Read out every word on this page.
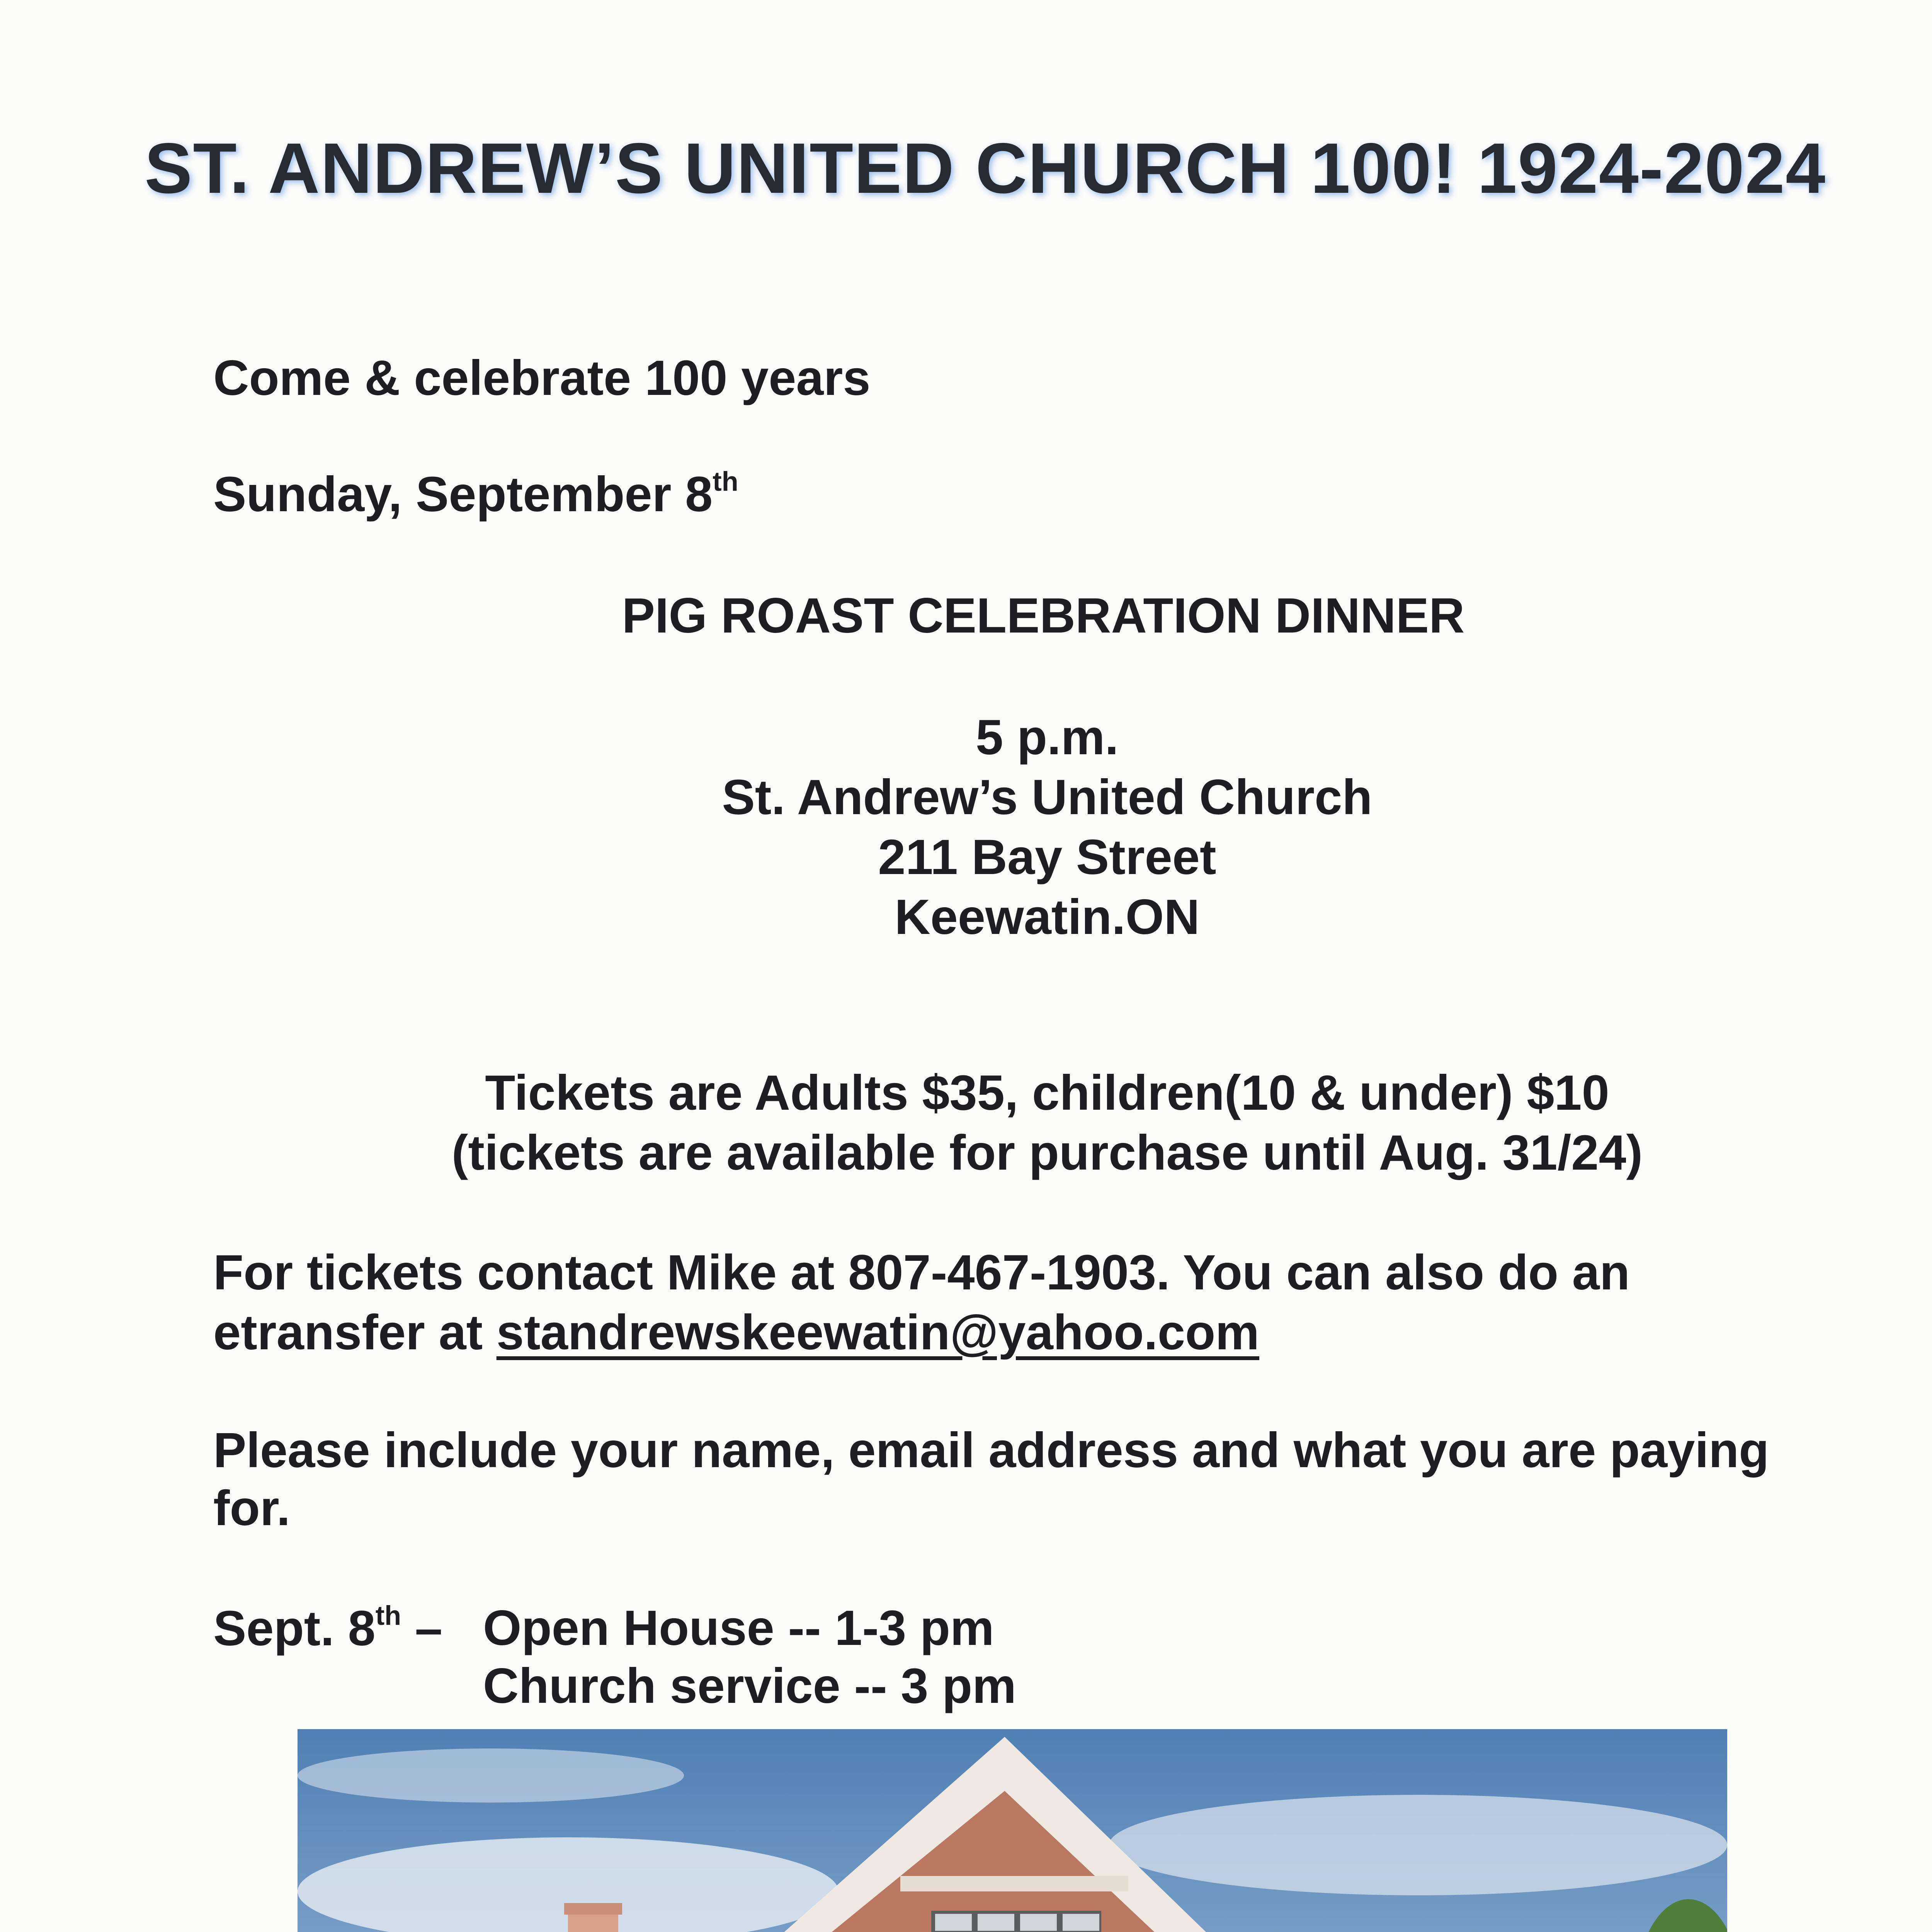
ST. ANDREW’S UNITED CHURCH 100! 1924-2024
Come & celebrate 100 years
Sunday, September 8th
PIG ROAST CELEBRATION DINNER
5 p.m.
St. Andrew’s United Church
211 Bay Street
Keewatin.ON
Tickets are Adults $35, children(10 & under) $10
(tickets are available for purchase until Aug. 31/24)
For tickets contact Mike at 807-467-1903. You can also do an
etransfer at standrewskeewatin@yahoo.com
Please include your name, email address and what you are paying
for.
Sept. 8th – Open House -- 1-3 pm
Church service -- 3 pm
